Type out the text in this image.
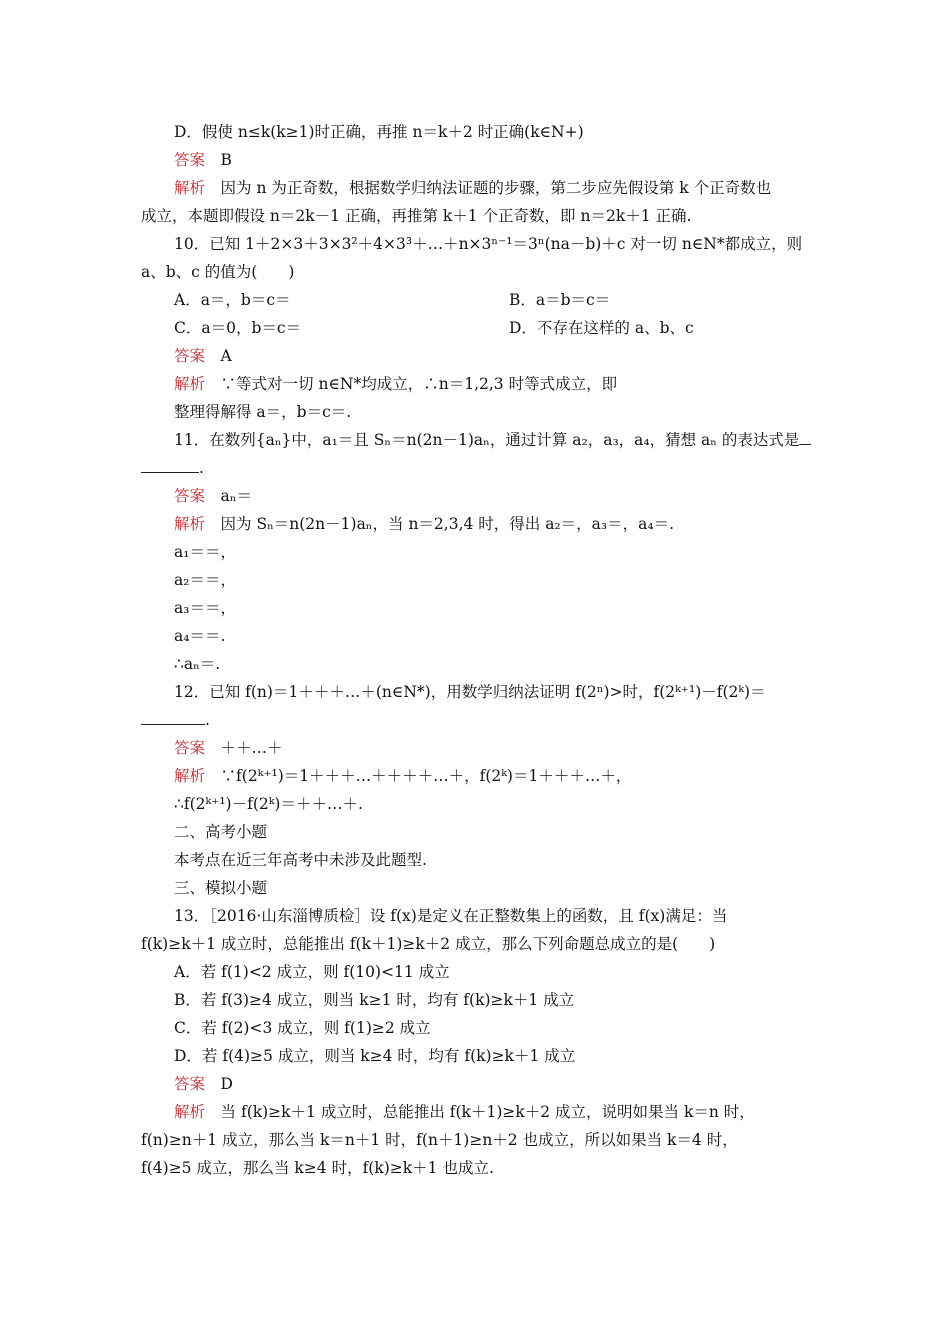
D．假使 n≤k(k≥1)时正确，再推 n＝k＋2 时正确(k∈N+)
答案　 B
解析　 因为 n 为正奇数，根据数学归纳法证题的步骤，第二步应先假设第 k 个正奇数也
成立，本题即假设 n＝2k－1 正确，再推第 k＋1 个正奇数，即 n＝2k＋1 正确.
10．已知 1＋2×3＋3×3²＋4×3³＋…＋n×3ⁿ⁻¹＝3ⁿ(na－b)＋c 对一切 n∈N*都成立，则
a、b、c 的值为(　　)
A．a＝，b＝c＝	B．a＝b＝c＝
C．a＝0，b＝c＝	D．不存在这样的 a、b、c
答案　 A
解析　 ∵等式对一切 n∈N*均成立，∴n＝1,2,3 时等式成立，即
整理得解得 a＝，b＝c＝.
11．在数列{aₙ}中，a₁＝且 Sₙ＝n(2n－1)aₙ，通过计算 a₂，a₃，a₄，猜想 aₙ 的表达式是
.
答案　 aₙ＝
解析　 因为 Sₙ＝n(2n－1)aₙ，当 n＝2,3,4 时，得出 a₂＝，a₃＝，a₄＝.
a₁＝＝，
a₂＝＝，
a₃＝＝，
a₄＝＝.
∴aₙ＝.
12．已知 f(n)＝1＋＋＋…＋(n∈N*)，用数学归纳法证明 f(2ⁿ)>时，f(2ᵏ⁺¹)－f(2ᵏ)＝
.
答案　 ＋＋…＋
解析　 ∵f(2ᵏ⁺¹)＝1＋＋＋…＋＋＋＋…＋，f(2ᵏ)＝1＋＋＋…＋，
∴f(2ᵏ⁺¹)－f(2ᵏ)＝＋＋…＋.
二、高考小题
本考点在近三年高考中未涉及此题型.
三、模拟小题
13．［2016·山东淄博质检］设 f(x)是定义在正整数集上的函数，且 f(x)满足：当
f(k)≥k＋1 成立时，总能推出 f(k＋1)≥k＋2 成立，那么下列命题总成立的是(　　)
A．若 f(1)<2 成立，则 f(10)<11 成立
B．若 f(3)≥4 成立，则当 k≥1 时，均有 f(k)≥k＋1 成立
C．若 f(2)<3 成立，则 f(1)≥2 成立
D．若 f(4)≥5 成立，则当 k≥4 时，均有 f(k)≥k＋1 成立
答案　 D
解析　 当 f(k)≥k＋1 成立时，总能推出 f(k＋1)≥k＋2 成立，说明如果当 k＝n 时，
f(n)≥n＋1 成立，那么当 k＝n＋1 时，f(n＋1)≥n＋2 也成立，所以如果当 k＝4 时，
f(4)≥5 成立，那么当 k≥4 时，f(k)≥k＋1 也成立.
